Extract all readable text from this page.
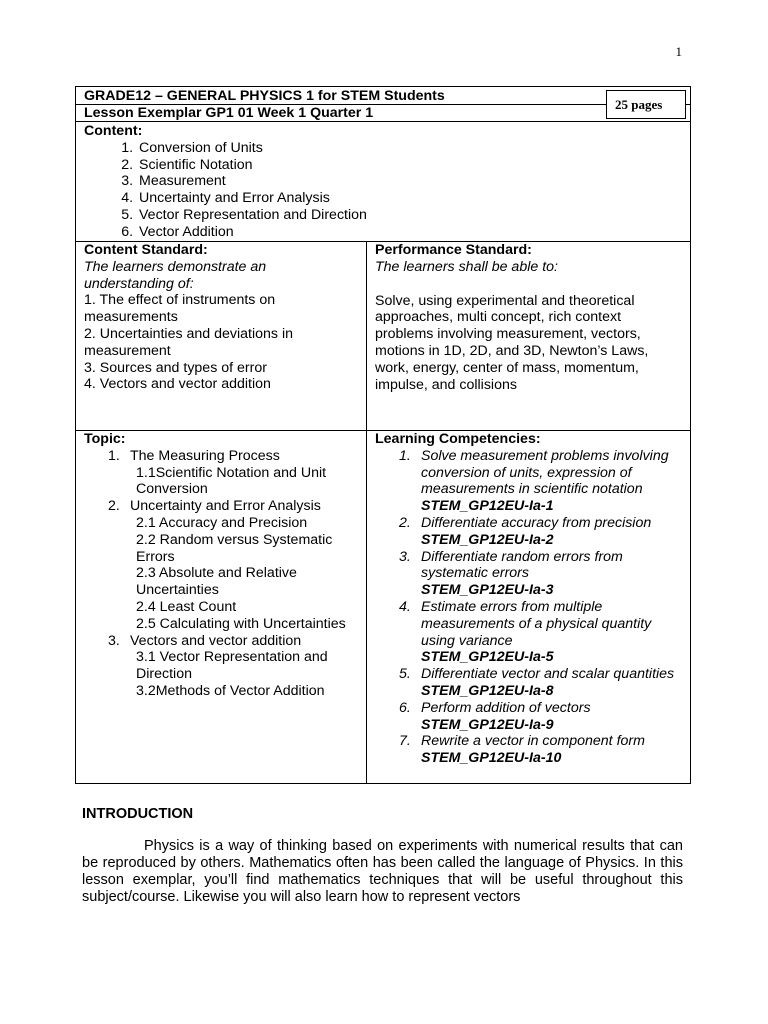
1
GRADE12 – GENERAL PHYSICS 1 for STEM Students
25 pages
Lesson Exemplar GP1 01 Week 1 Quarter 1
Content:
1. Conversion of Units
2. Scientific Notation
3. Measurement
4. Uncertainty and Error Analysis
5. Vector Representation and Direction
6. Vector Addition
Content Standard:
The learners demonstrate an
understanding of:
1. The effect of instruments on measurements
2. Uncertainties and deviations in measurement
3. Sources and types of error
4. Vectors and vector addition
Performance Standard:
The learners shall be able to:
Solve, using experimental and theoretical approaches, multi concept, rich context problems involving measurement, vectors, motions in 1D, 2D, and 3D, Newton’s Laws, work, energy, center of mass, momentum, impulse, and collisions
Topic:
1. The Measuring Process
1.1Scientific Notation and Unit Conversion
2. Uncertainty and Error Analysis
2.1 Accuracy and Precision
2.2 Random versus Systematic Errors
2.3 Absolute and Relative Uncertainties
2.4 Least Count
2.5 Calculating with Uncertainties
3. Vectors and vector addition
3.1 Vector Representation and Direction
3.2Methods of Vector Addition
Learning Competencies:
1. Solve measurement problems involving conversion of units, expression of measurements in scientific notation
STEM_GP12EU-Ia-1
2. Differentiate accuracy from precision
STEM_GP12EU-Ia-2
3. Differentiate random errors from systematic errors
STEM_GP12EU-Ia-3
4. Estimate errors from multiple measurements of a physical quantity using variance
STEM_GP12EU-Ia-5
5. Differentiate vector and scalar quantities STEM_GP12EU-Ia-8
6. Perform addition of vectors
STEM_GP12EU-Ia-9
7. Rewrite a vector in component form
STEM_GP12EU-Ia-10
INTRODUCTION
Physics is a way of thinking based on experiments with numerical results that can be reproduced by others. Mathematics often has been called the language of Physics. In this lesson exemplar, you’ll find mathematics techniques that will be useful throughout this subject/course. Likewise you will also learn how to represent vectors
